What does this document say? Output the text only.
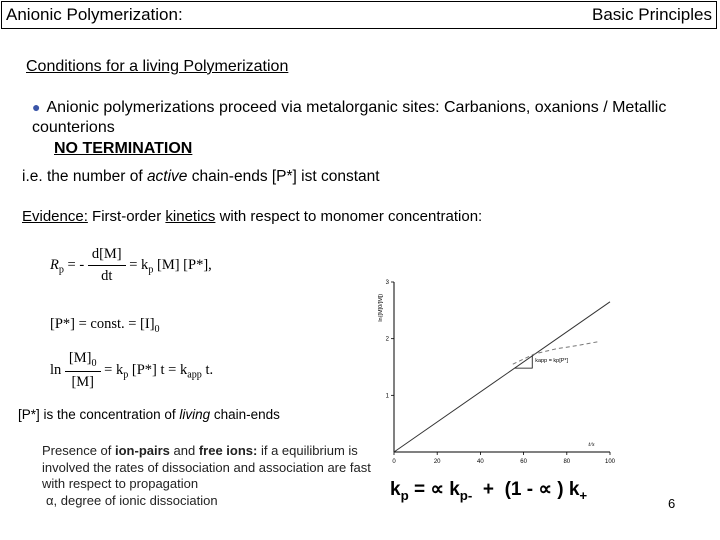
Anionic Polymerization:	Basic Principles
Conditions for a living Polymerization
● Anionic polymerizations proceed via metalorganic sites: Carbanions, oxanions / Metallic counterions
NO TERMINATION
i.e. the number of active chain-ends [P*] ist constant
Evidence: First-order kinetics with respect to monomer concentration:
$R_p$ = - $\frac{d[M]}{dt} = k_p$ [M] [P*],
[P*] = const. = $[I]_0$
$\ln \frac{[M]_0}{[M]} = k_p$ [P*] $t = k_{app}$ t.
[P*] is the concentration of living chain-ends
Presence of ion-pairs and free ions: if a equilibrium is involved the rates of dissociation and association are fast with respect to propagation
α, degree of ionic dissociation
0	20	40	60	80	100
1
2
3
t/s
ln([M]0/[M])
kapp = kp[P*]
$k_p$ = ∝ $k_{p-} + (1$ - ∝ ) $k_+$
6
